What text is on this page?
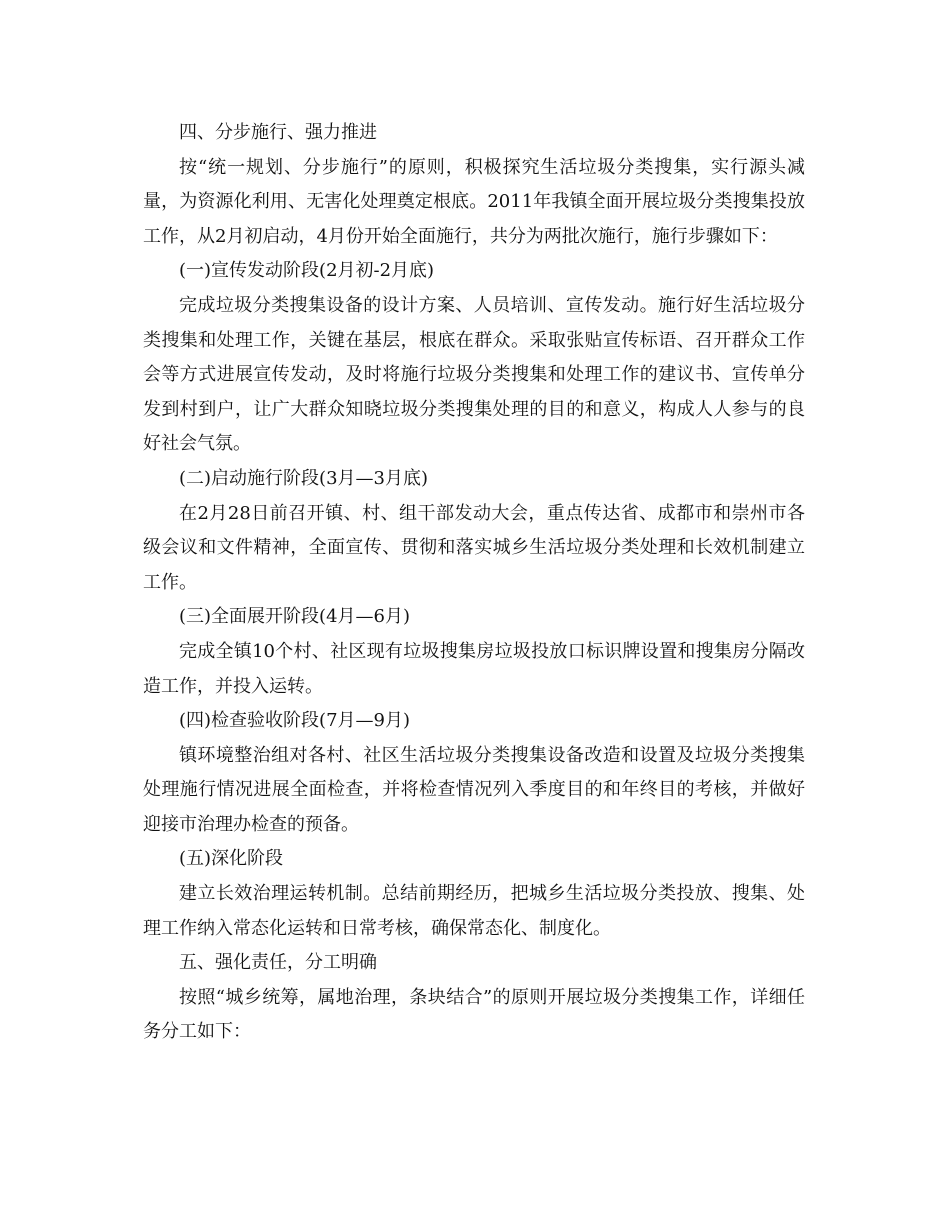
四、分步施行、强力推进

按“统一规划、分步施行”的原则，积极探究生活垃圾分类搜集，实行源头减量，为资源化利用、无害化处理奠定根底。2011年我镇全面开展垃圾分类搜集投放工作，从2月初启动，4月份开始全面施行，共分为两批次施行，施行步骤如下：

(一)宣传发动阶段(2月初-2月底)

完成垃圾分类搜集设备的设计方案、人员培训、宣传发动。施行好生活垃圾分类搜集和处理工作，关键在基层，根底在群众。采取张贴宣传标语、召开群众工作会等方式进展宣传发动，及时将施行垃圾分类搜集和处理工作的建议书、宣传单分发到村到户，让广大群众知晓垃圾分类搜集处理的目的和意义，构成人人参与的良好社会气氛。

(二)启动施行阶段(3月—3月底)

在2月28日前召开镇、村、组干部发动大会，重点传达省、成都市和崇州市各级会议和文件精神，全面宣传、贯彻和落实城乡生活垃圾分类处理和长效机制建立工作。

(三)全面展开阶段(4月—6月)

完成全镇10个村、社区现有垃圾搜集房垃圾投放口标识牌设置和搜集房分隔改造工作，并投入运转。

(四)检查验收阶段(7月—9月)

镇环境整治组对各村、社区生活垃圾分类搜集设备改造和设置及垃圾分类搜集处理施行情况进展全面检查，并将检查情况列入季度目的和年终目的考核，并做好迎接市治理办检查的预备。

(五)深化阶段

建立长效治理运转机制。总结前期经历，把城乡生活垃圾分类投放、搜集、处理工作纳入常态化运转和日常考核，确保常态化、制度化。

五、强化责任，分工明确

按照“城乡统筹，属地治理，条块结合”的原则开展垃圾分类搜集工作，详细任务分工如下：
